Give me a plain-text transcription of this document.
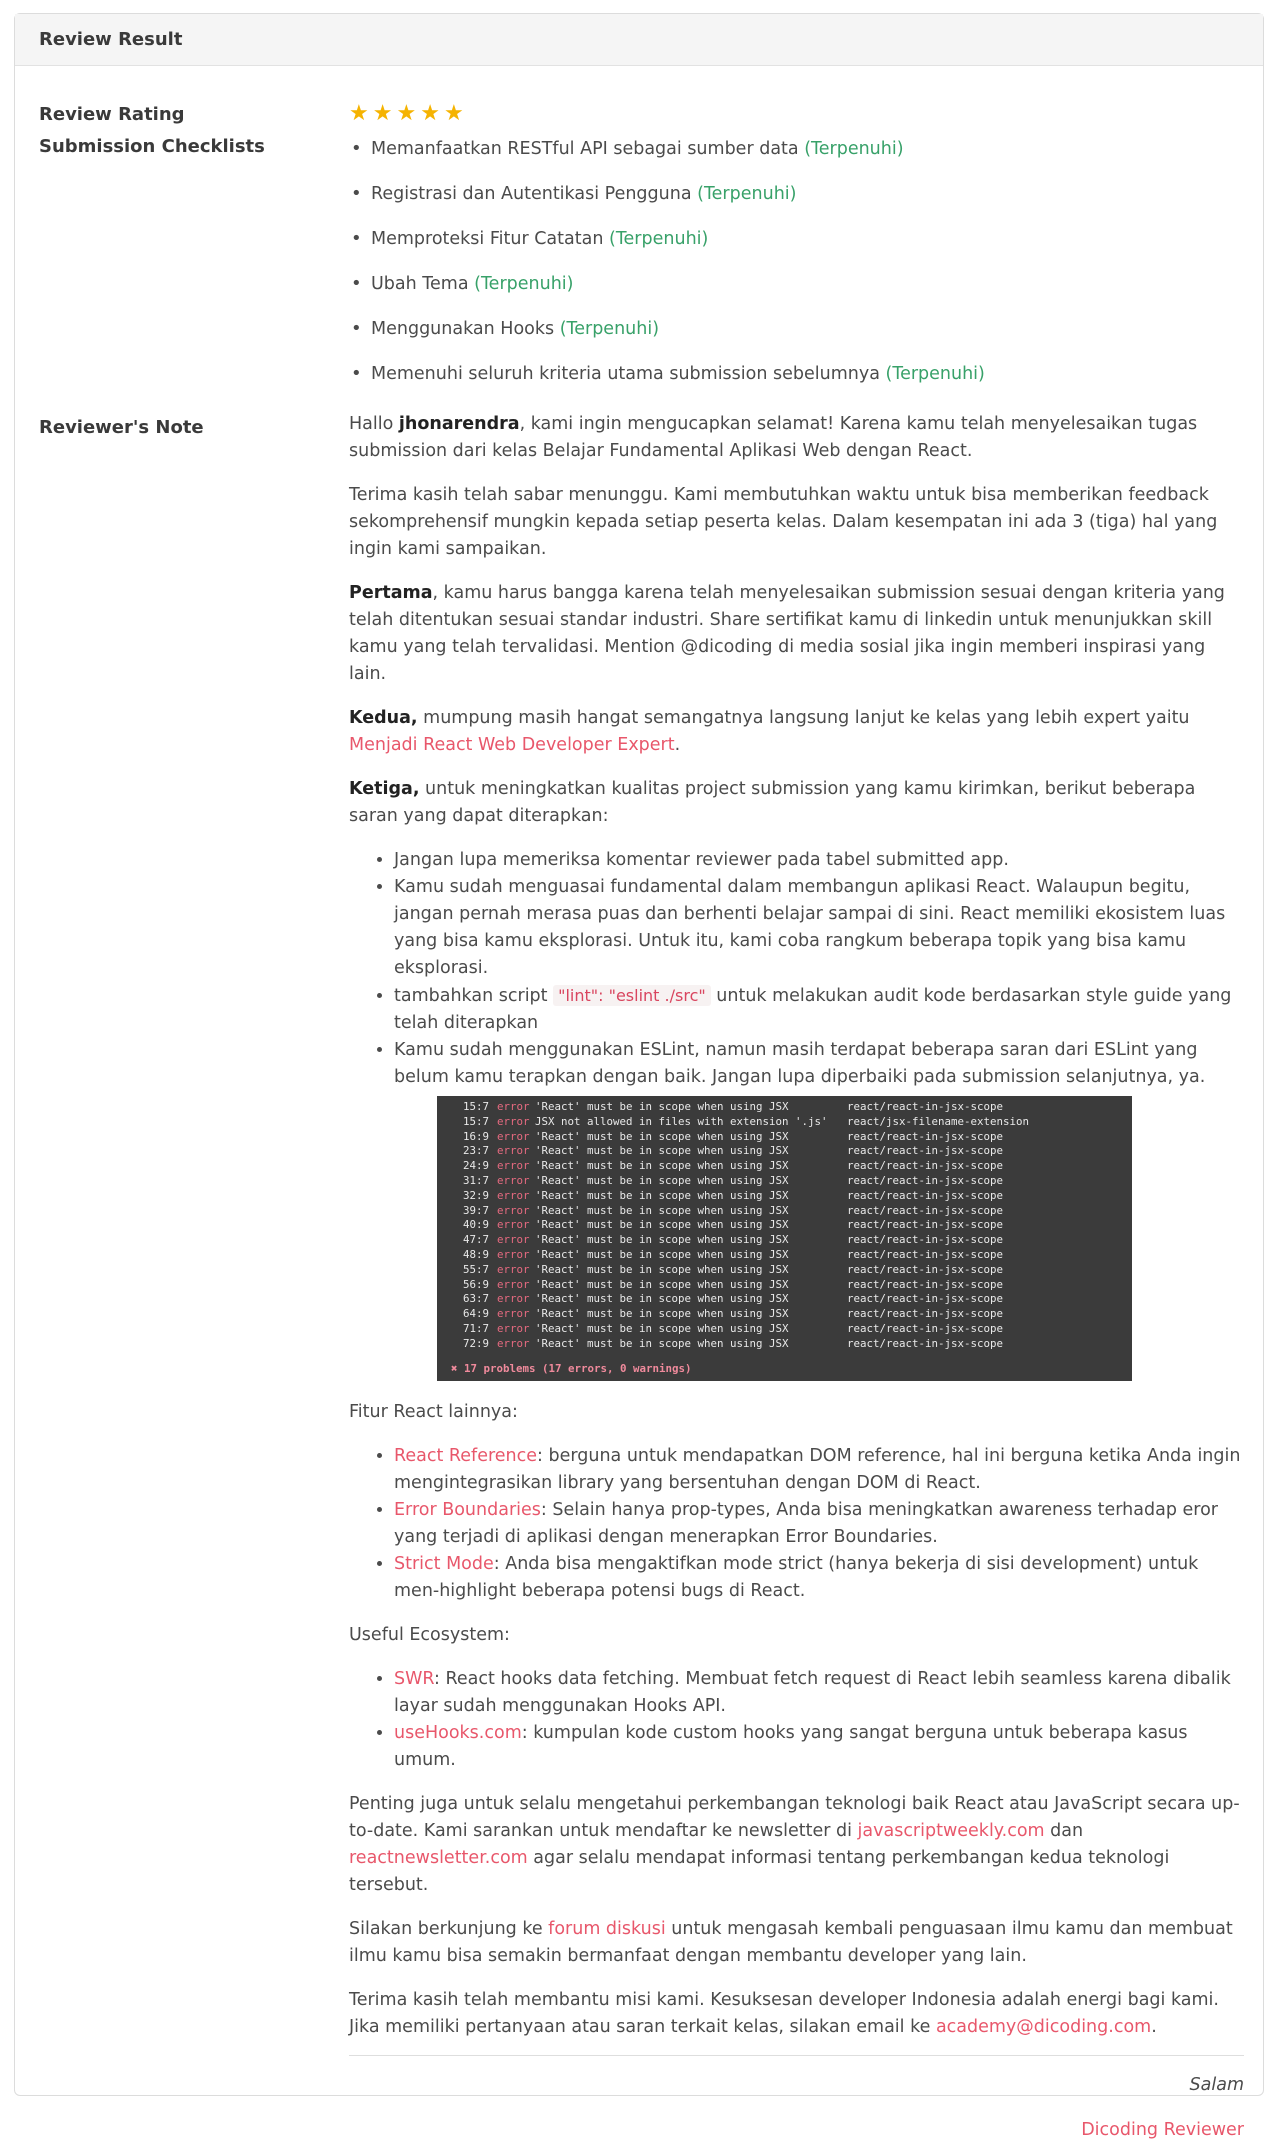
Review Result
Review Rating	★ ★ ★ ★ ★
Submission Checklists
•	Memanfaatkan RESTful API sebagai sumber data (Terpenuhi)
• Registrasi dan Autentikasi Pengguna (Terpenuhi)
• Memproteksi Fitur Catatan (Terpenuhi)
• Ubah Tema (Terpenuhi)
• Menggunakan Hooks (Terpenuhi)
• Memenuhi seluruh kriteria utama submission sebelumnya (Terpenuhi)
Reviewer's Note	Hallo jhonarendra, kami ingin mengucapkan selamat! Karena kamu telah menyelesaikan tugas submission dari kelas Belajar Fundamental Aplikasi Web dengan React.

Terima kasih telah sabar menunggu. Kami membutuhkan waktu untuk bisa memberikan feedback sekomprehensif mungkin kepada setiap peserta kelas. Dalam kesempatan ini ada 3 (tiga) hal yang ingin kami sampaikan.

Pertama, kamu harus bangga karena telah menyelesaikan submission sesuai dengan kriteria yang telah ditentukan sesuai standar industri. Share sertifikat kamu di linkedin untuk menunjukkan skill kamu yang telah tervalidasi. Mention @dicoding di media sosial jika ingin memberi inspirasi yang lain.

Kedua, mumpung masih hangat semangatnya langsung lanjut ke kelas yang lebih expert yaitu Menjadi React Web Developer Expert.

Ketiga, untuk meningkatkan kualitas project submission yang kamu kirimkan, berikut beberapa saran yang dapat diterapkan:

• Jangan lupa memeriksa komentar reviewer pada tabel submitted app.
• Kamu sudah menguasai fundamental dalam membangun aplikasi React. Walaupun begitu, jangan pernah merasa puas dan berhenti belajar sampai di sini. React memiliki ekosistem luas yang bisa kamu eksplorasi. Untuk itu, kami coba rangkum beberapa topik yang bisa kamu eksplorasi.
• tambahkan script "lint": "eslint ./src" untuk melakukan audit kode berdasarkan style guide yang telah diterapkan
• Kamu sudah menggunakan ESLint, namun masih terdapat beberapa saran dari ESLint yang belum kamu terapkan dengan baik. Jangan lupa diperbaiki pada submission selanjutnya, ya.
15:7 error 'React' must be in scope when using JSX	react/react-in-jsx-scope
15:7 error JSX not allowed in files with extension '.js' react/jsx-filename-extension
16:9 error 'React' must be in scope when using JSX	react/react-in-jsx-scope
23:7 error 'React' must be in scope when using JSX	react/react-in-jsx-scope
24:9 error 'React' must be in scope when using JSX	react/react-in-jsx-scope
31:7 error 'React' must be in scope when using JSX	react/react-in-jsx-scope
32:9 error 'React' must be in scope when using JSX	react/react-in-jsx-scope
39:7 error 'React' must be in scope when using JSX	react/react-in-jsx-scope
40:9 error 'React' must be in scope when using JSX	react/react-in-jsx-scope
47:7 error 'React' must be in scope when using JSX	react/react-in-jsx-scope
48:9 error 'React' must be in scope when using JSX	react/react-in-jsx-scope
55:7 error 'React' must be in scope when using JSX	react/react-in-jsx-scope
56:9 error 'React' must be in scope when using JSX	react/react-in-jsx-scope
63:7 error 'React' must be in scope when using JSX	react/react-in-jsx-scope
64:9 error 'React' must be in scope when using JSX	react/react-in-jsx-scope
71:7 error 'React' must be in scope when using JSX	react/react-in-jsx-scope
72:9 error 'React' must be in scope when using JSX	react/react-in-jsx-scope
✖ 17 problems (17 errors, 0 warnings)

Fitur React lainnya:

• React Reference: berguna untuk mendapatkan DOM reference, hal ini berguna ketika Anda ingin mengintegrasikan library yang bersentuhan dengan DOM di React.
• Error Boundaries: Selain hanya prop-types, Anda bisa meningkatkan awareness terhadap eror yang terjadi di aplikasi dengan menerapkan Error Boundaries.
• Strict Mode: Anda bisa mengaktifkan mode strict (hanya bekerja di sisi development) untuk men-highlight beberapa potensi bugs di React.

Useful Ecosystem:

• SWR: React hooks data fetching. Membuat fetch request di React lebih seamless karena dibalik layar sudah menggunakan Hooks API.
• useHooks.com: kumpulan kode custom hooks yang sangat berguna untuk beberapa kasus umum.

Penting juga untuk selalu mengetahui perkembangan teknologi baik React atau JavaScript secara up-to-date. Kami sarankan untuk mendaftar ke newsletter di javascriptweekly.com dan reactnewsletter.com agar selalu mendapat informasi tentang perkembangan kedua teknologi tersebut.

Silakan berkunjung ke forum diskusi untuk mengasah kembali penguasaan ilmu kamu dan membuat ilmu kamu bisa semakin bermanfaat dengan membantu developer yang lain.

Terima kasih telah membantu misi kami. Kesuksesan developer Indonesia adalah energi bagi kami. Jika memiliki pertanyaan atau saran terkait kelas, silakan email ke academy@dicoding.com.

Salam
Dicoding Reviewer
